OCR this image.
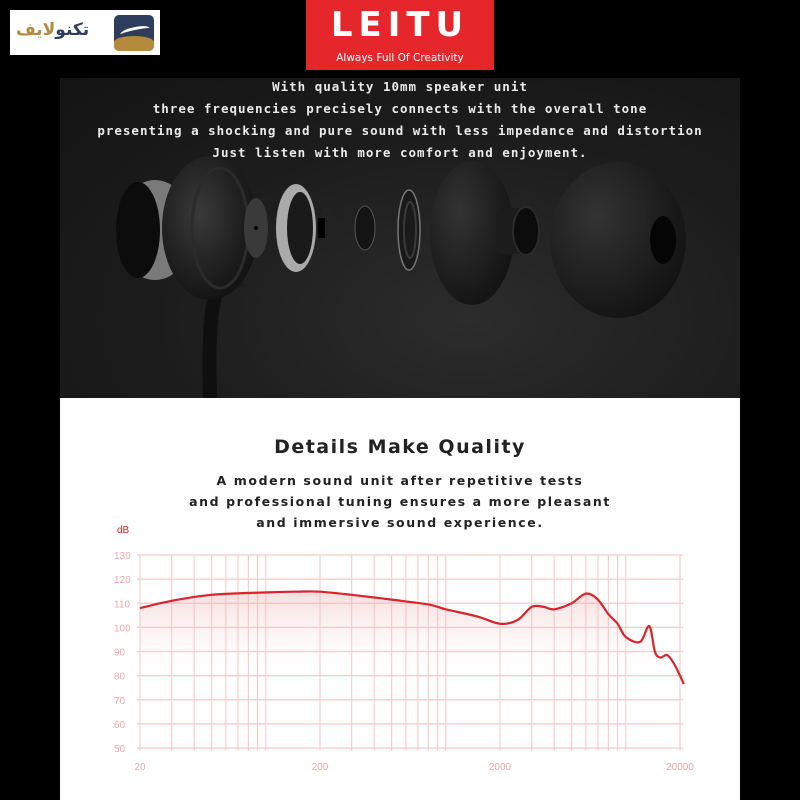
تکنولایف	LEITU
Always Full Of Creativity
With quality 10mm speaker unit
three frequencies precisely connects with the overall tone
presenting a shocking and pure sound with less impedance and distortion
Just listen with more comfort and enjoyment.
Details Make Quality
A modern sound unit after repetitive tests
and professional tuning ensures a more pleasant
and immersive sound experience.
130
120
110
100
90
80
70
60
50
20	200	2000	20000
dB
